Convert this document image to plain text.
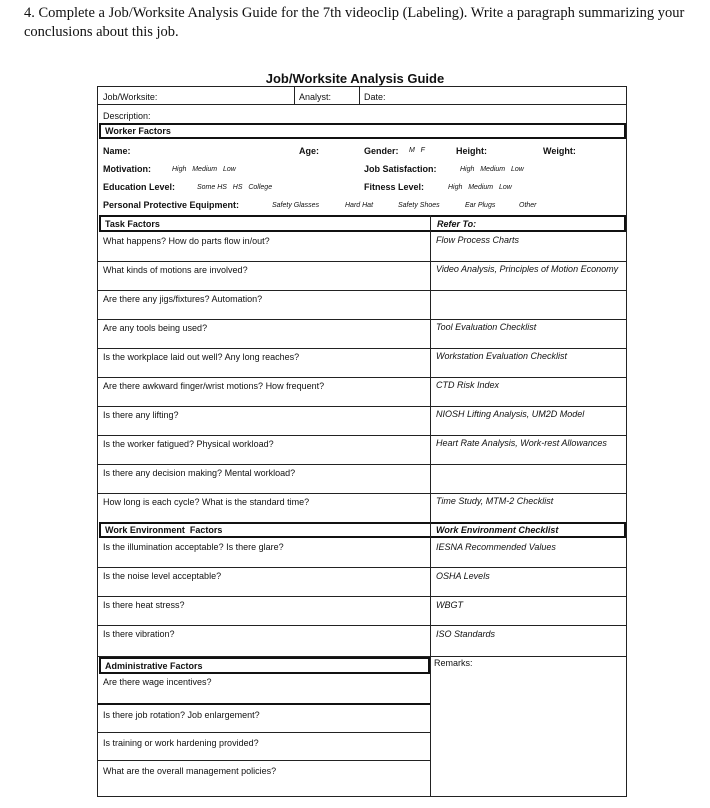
4. Complete a Job/Worksite Analysis Guide for the 7th videoclip (Labeling). Write a paragraph summarizing your conclusions about this job.
Job/Worksite Analysis Guide
Job/Worksite:	Analyst:	Date:
Description:
Worker Factors
Name:	Age:	Gender: M   F	Height:	Weight:
Motivation:	High   Medium   Low	Job Satisfaction:	High   Medium   Low
Education Level:	Some HS   HS   College	Fitness Level:	High   Medium   Low
Personal Protective Equipment:	Safety Glasses	Hard Hat	Safety Shoes	Ear Plugs	Other
Task Factors	Refer To:
What happens? How do parts flow in/out?	Flow Process Charts
What kinds of motions are involved?	Video Analysis, Principles of Motion Economy
Are there any jigs/fixtures? Automation?
Are any tools being used?	Tool Evaluation Checklist
Is the workplace laid out well? Any long reaches?	Workstation Evaluation Checklist
Are there awkward finger/wrist motions? How frequent?	CTD Risk Index
Is there any lifting?	NIOSH Lifting Analysis, UM2D Model
Is the worker fatigued? Physical workload?	Heart Rate Analysis, Work-rest Allowances
Is there any decision making? Mental workload?
How long is each cycle? What is the standard time?	Time Study, MTM-2 Checklist
Work Environment  Factors	Work Environment Checklist
Is the illumination acceptable? Is there glare?	IESNA Recommended Values
Is the noise level acceptable?	OSHA Levels
Is there heat stress?	WBGT
Is there vibration?	ISO Standards
Administrative Factors	Remarks:
Are there wage incentives?
Is there job rotation? Job enlargement?
Is training or work hardening provided?
What are the overall management policies?
